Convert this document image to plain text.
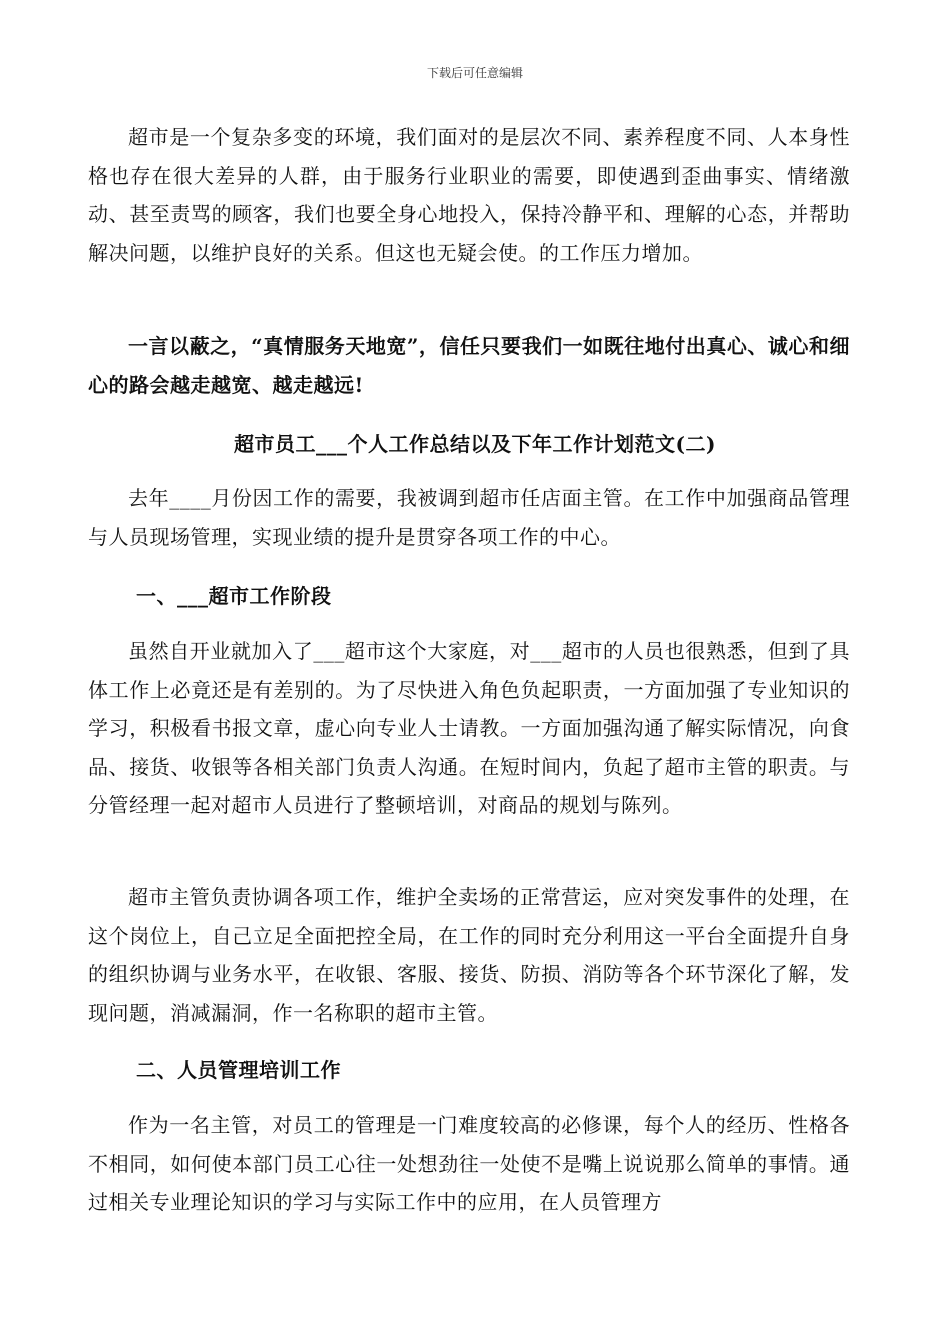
下载后可任意编辑

超市是一个复杂多变的环境，我们面对的是层次不同、素养程度不同、人本身性格也存在很大差异的人群，由于服务行业职业的需要，即使遇到歪曲事实、情绪激动、甚至责骂的顾客，我们也要全身心地投入，保持冷静平和、理解的心态，并帮助解决问题，以维护良好的关系。但这也无疑会使。的工作压力增加。

一言以蔽之，“真情服务天地宽”，信任只要我们一如既往地付出真心、诚心和细心的路会越走越宽、越走越远!

超市员工___个人工作总结以及下年工作计划范文(二)

去年____月份因工作的需要，我被调到超市任店面主管。在工作中加强商品管理与人员现场管理，实现业绩的提升是贯穿各项工作的中心。

一、___超市工作阶段

虽然自开业就加入了___超市这个大家庭，对___超市的人员也很熟悉，但到了具体工作上必竟还是有差别的。为了尽快进入角色负起职责，一方面加强了专业知识的学习，积极看书报文章，虚心向专业人士请教。一方面加强沟通了解实际情况，向食品、接货、收银等各相关部门负责人沟通。在短时间内，负起了超市主管的职责。与分管经理一起对超市人员进行了整顿培训，对商品的规划与陈列。

超市主管负责协调各项工作，维护全卖场的正常营运，应对突发事件的处理，在这个岗位上，自己立足全面把控全局，在工作的同时充分利用这一平台全面提升自身的组织协调与业务水平，在收银、客服、接货、防损、消防等各个环节深化了解，发现问题，消减漏洞，作一名称职的超市主管。

二、人员管理培训工作

作为一名主管，对员工的管理是一门难度较高的必修课，每个人的经历、性格各不相同，如何使本部门员工心往一处想劲往一处使不是嘴上说说那么简单的事情。通过相关专业理论知识的学习与实际工作中的应用，在人员管理方
